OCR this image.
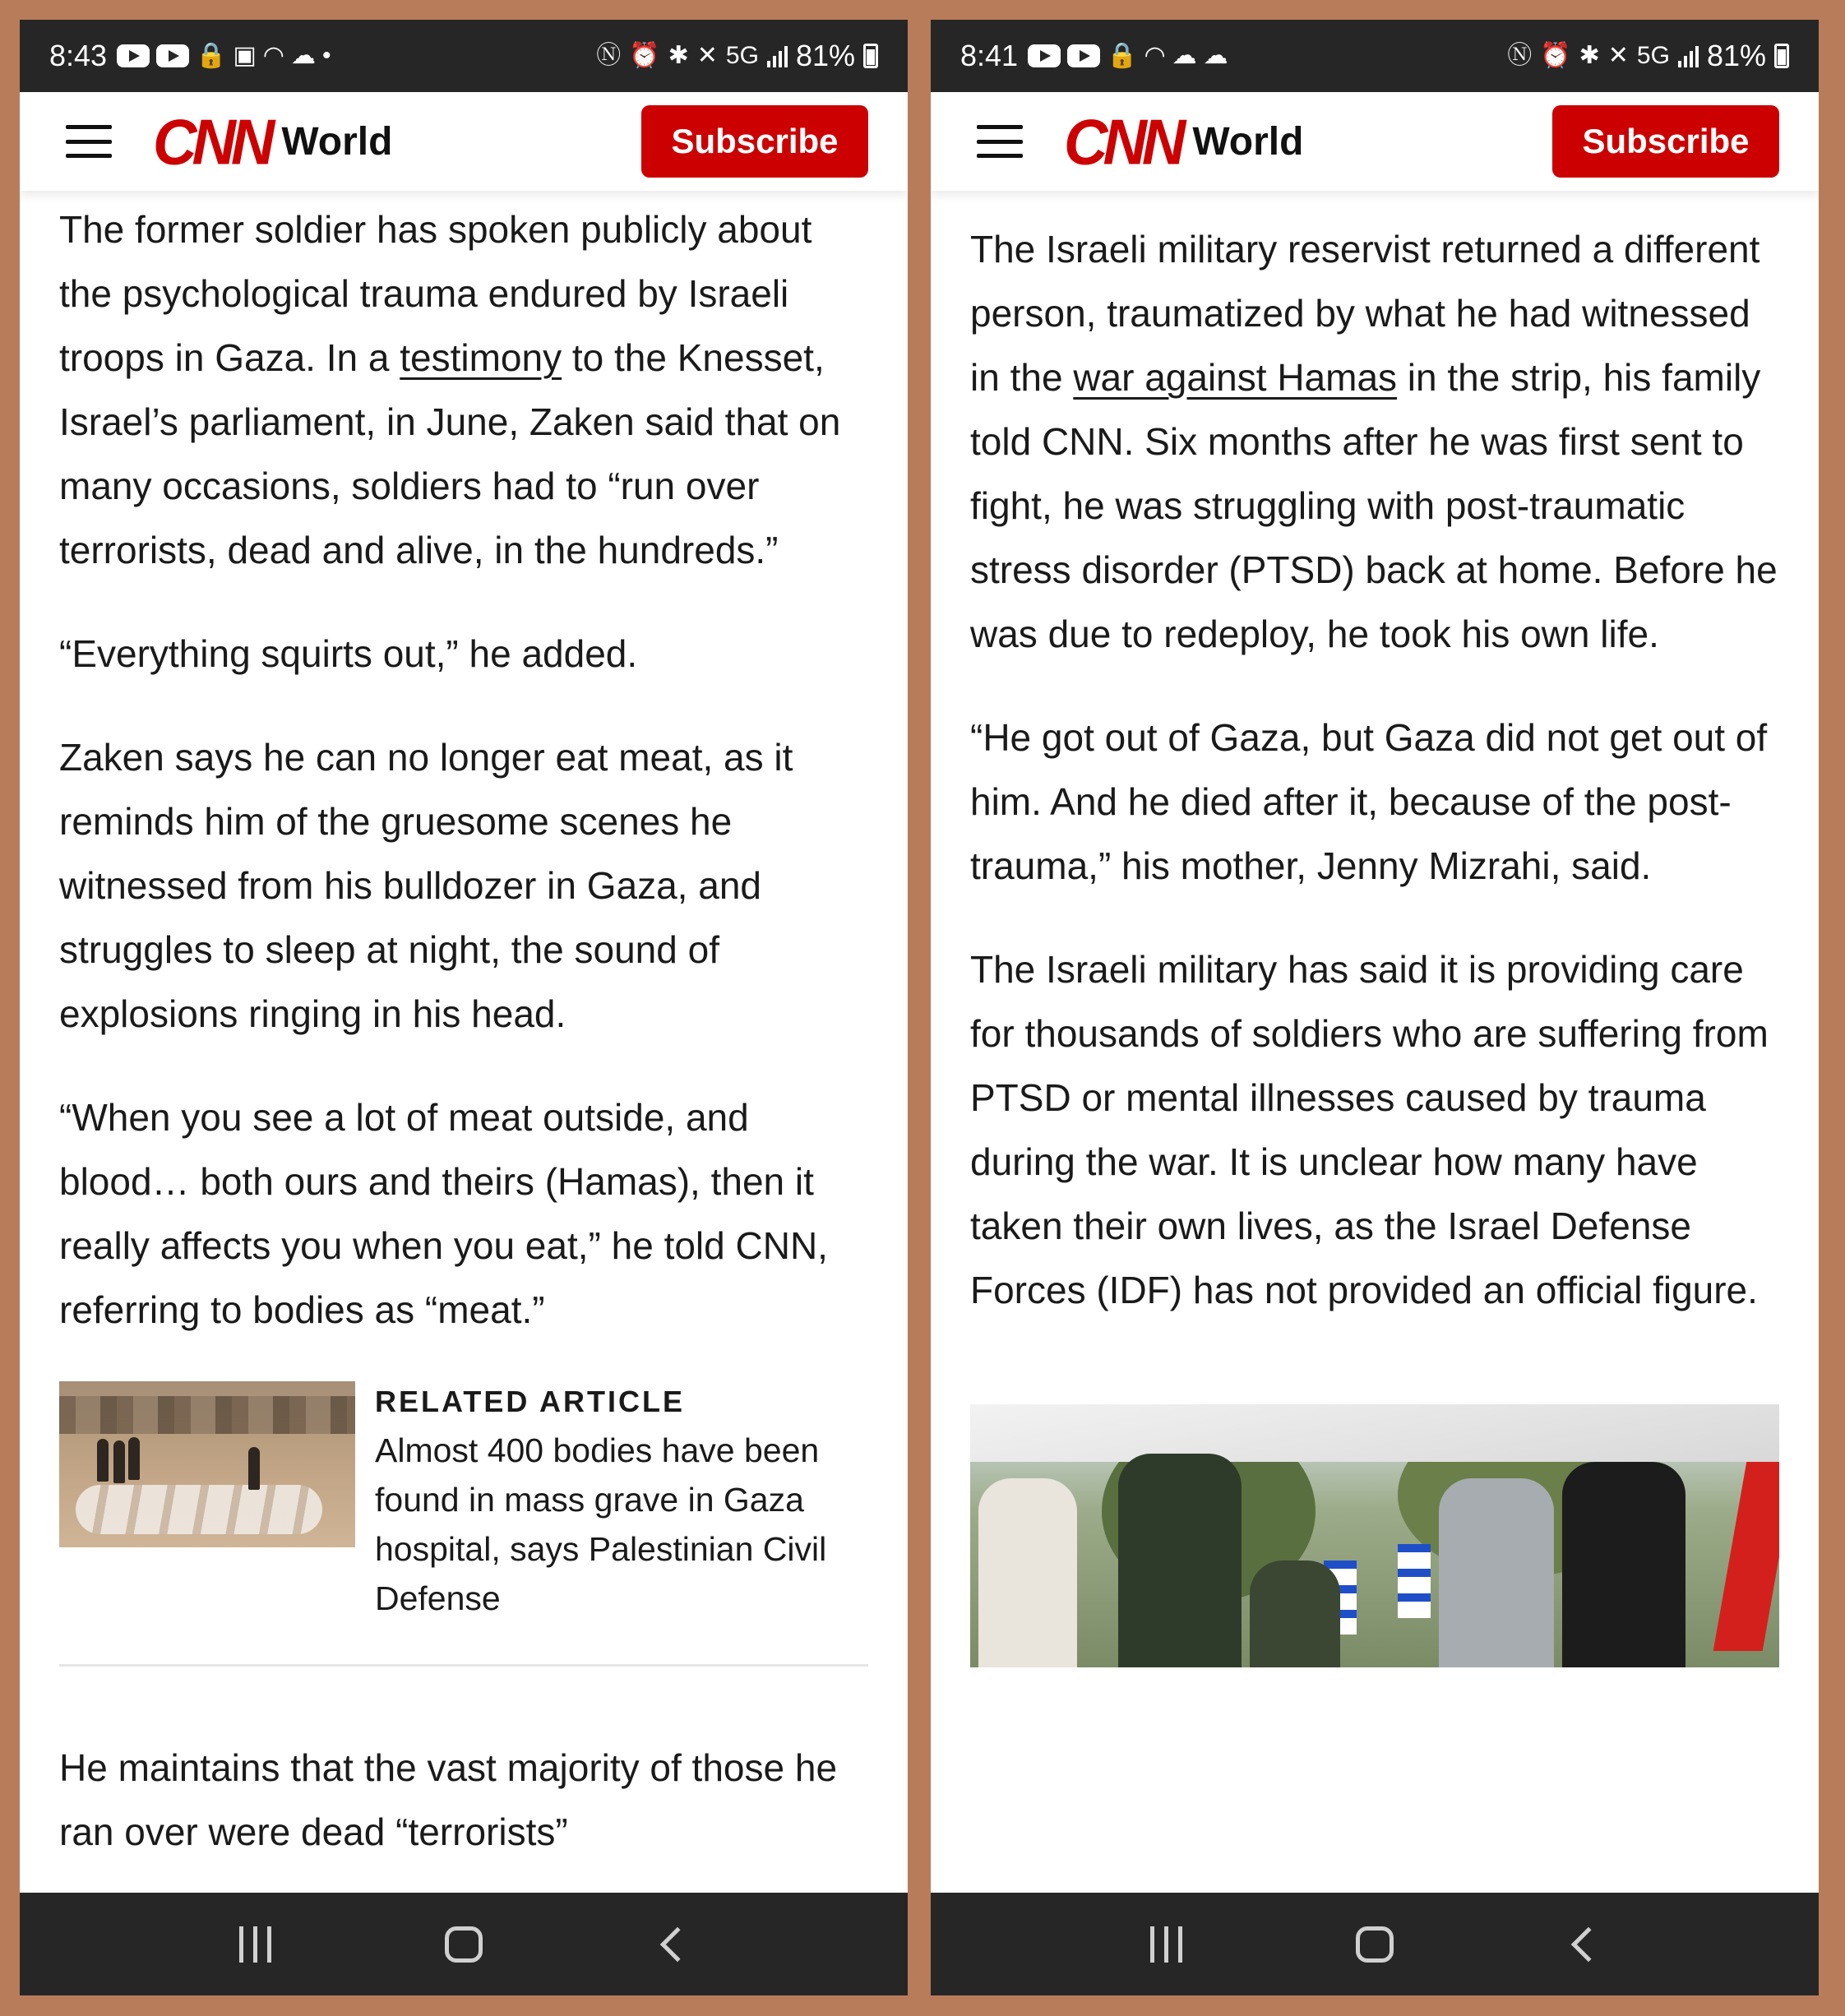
8:43	🔒 ▣ ◠ ☁ •	Ⓝ ⏰ ✱ ✕ 5G 81%
CNN World	Subscribe

The former soldier has spoken publicly about the psychological trauma endured by Israeli troops in Gaza. In a testimony to the Knesset, Israel’s parliament, in June, Zaken said that on many occasions, soldiers had to “run over terrorists, dead and alive, in the hundreds.”

“Everything squirts out,” he added.

Zaken says he can no longer eat meat, as it reminds him of the gruesome scenes he witnessed from his bulldozer in Gaza, and struggles to sleep at night, the sound of explosions ringing in his head.

“When you see a lot of meat outside, and blood… both ours and theirs (Hamas), then it really affects you when you eat,” he told CNN, referring to bodies as “meat.”

RELATED ARTICLE
Almost 400 bodies have been found in mass grave in Gaza hospital, says Palestinian Civil Defense

He maintains that the vast majority of those he ran over were dead “terrorists”

8:41	🔒 ◠ ☁ ☁	Ⓝ ⏰ ✱ ✕ 5G 81%
CNN World	Subscribe

The Israeli military reservist returned a different person, traumatized by what he had witnessed in the war against Hamas in the strip, his family told CNN. Six months after he was first sent to fight, he was struggling with post-traumatic stress disorder (PTSD) back at home. Before he was due to redeploy, he took his own life.

“He got out of Gaza, but Gaza did not get out of him. And he died after it, because of the post-trauma,” his mother, Jenny Mizrahi, said.

The Israeli military has said it is providing care for thousands of soldiers who are suffering from PTSD or mental illnesses caused by trauma during the war. It is unclear how many have taken their own lives, as the Israel Defense Forces (IDF) has not provided an official figure.
